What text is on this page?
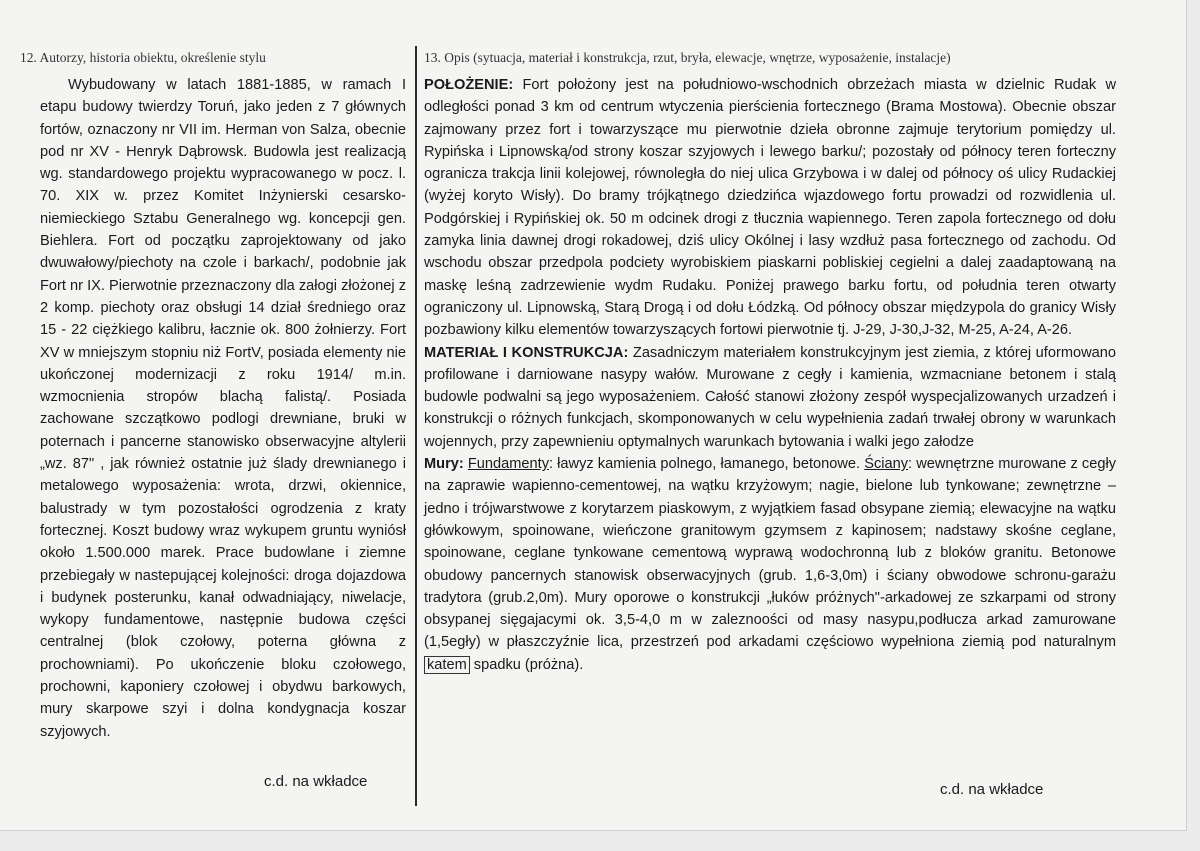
12. Autorzy, historia obiektu, określenie stylu

Wybudowany w latach 1881-1885, w ramach I etapu budowy twierdzy Toruń, jako jeden z 7 głównych fortów, oznaczony nr VII im. Herman von Salza, obecnie pod nr XV - Henryk Dąbrowsk. Budowla jest realizacją wg. standardowego projektu wypracowanego w pocz. l. 70. XIX w. przez Komitet Inżynierski cesarsko-niemieckiego Sztabu Generalnego wg. koncepcji gen. Biehlera. Fort od początku zaprojektowany od jako dwuwałowy/piechoty na czole i barkach/, podobnie jak Fort nr IX. Pierwotnie przeznaczony dla załogi złożonej z 2 komp. piechoty oraz obsługi 14 dział średniego oraz 15 - 22 ciężkiego kalibru, łacznie ok. 800 żołnierzy. Fort XV w mniejszym stopniu niż FortV, posiada elementy nie ukończonej modernizacji z roku 1914/ m.in. wzmocnienia stropów blachą falistą/. Posiada zachowane szczątkowo podlogi drewniane, bruki w poternach i pancerne stanowisko obserwacyjne altylerii „wz. 87" , jak również ostatnie już ślady drewnianego i metalowego wyposażenia: wrota, drzwi, okiennice, balustrady w tym pozostałości ogrodzenia z kraty fortecznej. Koszt budowy wraz wykupem gruntu wyniósł około 1.500.000 marek. Prace budowlane i ziemne przebiegały w nastepującej kolejności: droga dojazdowa i budynek posterunku, kanał odwadniający, niwelacje, wykopy fundamentowe, następnie budowa części centralnej (blok czołowy, poterna główna z prochowniami). Po ukończenie bloku czołowego, prochowni, kaponiery czołowej i obydwu barkowych, mury skarpowe szyi i dolna kondygnacja koszar szyjowych.

13. Opis (sytuacja, materiał i konstrukcja, rzut, bryła, elewacje, wnętrze, wyposażenie, instalacje)

POŁOŻENIE: Fort położony jest na południowo-wschodnich obrzeżach miasta w dzielnic Rudak w odległości ponad 3 km od centrum wtyczenia pierścienia fortecznego (Brama Mostowa). Obecnie obszar zajmowany przez fort i towarzyszące mu pierwotnie dzieła obronne zajmuje terytorium pomiędzy ul. Rypińska i Lipnowską/od strony koszar szyjowych i lewego barku/; pozostały od północy teren forteczny ogranicza trakcja linii kolejowej, równoległa do niej ulica Grzybowa i w dalej od północy oś ulicy Rudackiej (wyżej koryto Wisły). Do bramy trójkątnego dziedzińca wjazdowego fortu prowadzi od rozwidlenia ul. Podgórskiej i Rypińskiej ok. 50 m odcinek drogi z tłucznia wapiennego. Teren zapola fortecznego od dołu zamyka linia dawnej drogi rokadowej, dziś ulicy Okólnej i lasy wzdłuż pasa fortecznego od zachodu. Od wschodu obszar przedpola podciety wyrobiskiem piaskarni pobliskiej cegielni a dalej zaadaptowaną na maskę leśną zadrzewienie wydm Rudaku. Poniżej prawego barku fortu, od południa teren otwarty ograniczony ul. Lipnowską, Starą Drogą i od dołu Łódzką. Od północy obszar międzypola do granicy Wisły pozbawiony kilku elementów towarzyszących fortowi pierwotnie tj. J-29, J-30,J-32, M-25, A-24, A-26.

MATERIAŁ I KONSTRUKCJA: Zasadniczym materiałem konstrukcyjnym jest ziemia, z której uformowano profilowane i darniowane nasypy wałów. Murowane z cegły i kamienia, wzmacniane betonem i stalą budowle podwalni są jego wyposażeniem. Całość stanowi złożony zespół wyspecjalizowanych urzadzeń i konstrukcji o różnych funkcjach, skomponowanych w celu wypełnienia zadań trwałej obrony w warunkach wojennych, przy zapewnieniu optymalnych warunkach bytowania i walki jego załodze

Mury: Fundamenty: ławyz kamienia polnego, łamanego, betonowe. Ściany: wewnętrzne murowane z cegły na zaprawie wapienno-cementowej, na wątku krzyżowym; nagie, bielone lub tynkowane; zewnętrzne – jedno i trójwarstwowe z korytarzem piaskowym, z wyjątkiem fasad obsypane ziemią; elewacyjne na wątku główkowym, spoinowane, wieńczone granitowym gzymsem z kapinosem; nadstawy skośne ceglane, spoinowane, ceglane tynkowane cementową wyprawą wodochronną lub z bloków granitu. Betonowe obudowy pancernych stanowisk obserwacyjnych (grub. 1,6-3,0m) i ściany obwodowe schronu-garażu tradytora (grub.2,0m). Mury oporowe o konstrukcji „łuków próżnych"-arkadowej ze szkarpami od strony obsypanej sięgajacymi ok. 3,5-4,0 m w zaleznoości od masy nasypu,podłucza arkad zamurowane (1,5egły) w płaszczyźnie lica, przestrzeń pod arkadami częściowo wypełniona ziemią pod naturalnym katem spadku (próżna).

c.d. na wkładce	c.d. na wkładce
